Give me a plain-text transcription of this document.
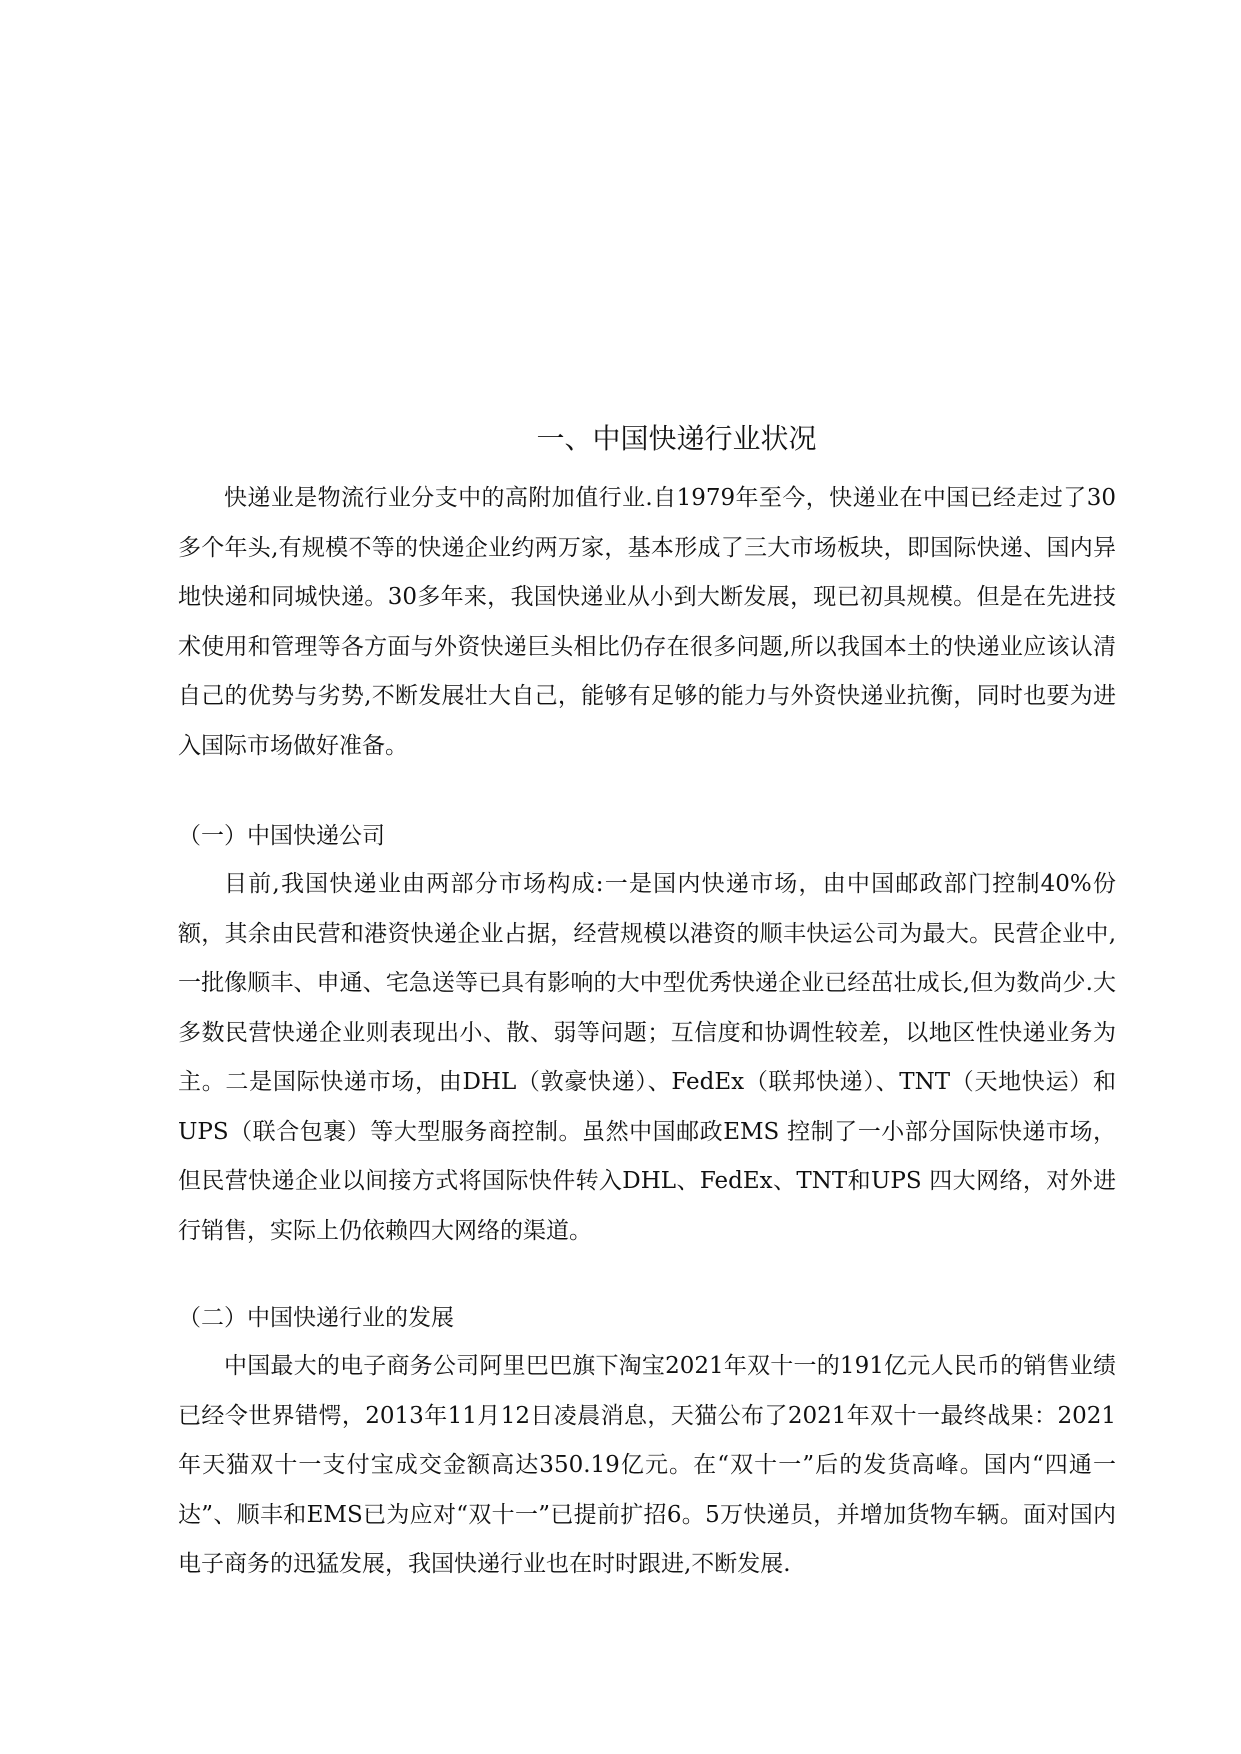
一、中国快递行业状况

快递业是物流行业分支中的高附加值行业.自1979年至今，快递业在中国已经走过了30多个年头,有规模不等的快递企业约两万家，基本形成了三大市场板块，即国际快递、国内异地快递和同城快递。30多年来，我国快递业从小到大断发展，现已初具规模。但是在先进技术使用和管理等各方面与外资快递巨头相比仍存在很多问题,所以我国本土的快递业应该认清自己的优势与劣势,不断发展壮大自己，能够有足够的能力与外资快递业抗衡，同时也要为进入国际市场做好准备。

（一）中国快递公司

目前,我国快递业由两部分市场构成:一是国内快递市场，由中国邮政部门控制40%份额，其余由民营和港资快递企业占据，经营规模以港资的顺丰快运公司为最大。民营企业中,一批像顺丰、申通、宅急送等已具有影响的大中型优秀快递企业已经茁壮成长,但为数尚少.大多数民营快递企业则表现出小、散、弱等问题；互信度和协调性较差，以地区性快递业务为主。二是国际快递市场，由DHL（敦豪快递）、FedEx（联邦快递）、TNT（天地快运）和UPS（联合包裹）等大型服务商控制。虽然中国邮政EMS 控制了一小部分国际快递市场，但民营快递企业以间接方式将国际快件转入DHL、FedEx、TNT和UPS 四大网络，对外进行销售，实际上仍依赖四大网络的渠道。

（二）中国快递行业的发展

中国最大的电子商务公司阿里巴巴旗下淘宝2021年双十一的191亿元人民币的销售业绩已经令世界错愕，2013年11月12日凌晨消息，天猫公布了2021年双十一最终战果：2021年天猫双十一支付宝成交金额高达350.19亿元。在“双十一”后的发货高峰。国内“四通一达”、顺丰和EMS已为应对“双十一”已提前扩招6。5万快递员，并增加货物车辆。面对国内电子商务的迅猛发展，我国快递行业也在时时跟进,不断发展.
